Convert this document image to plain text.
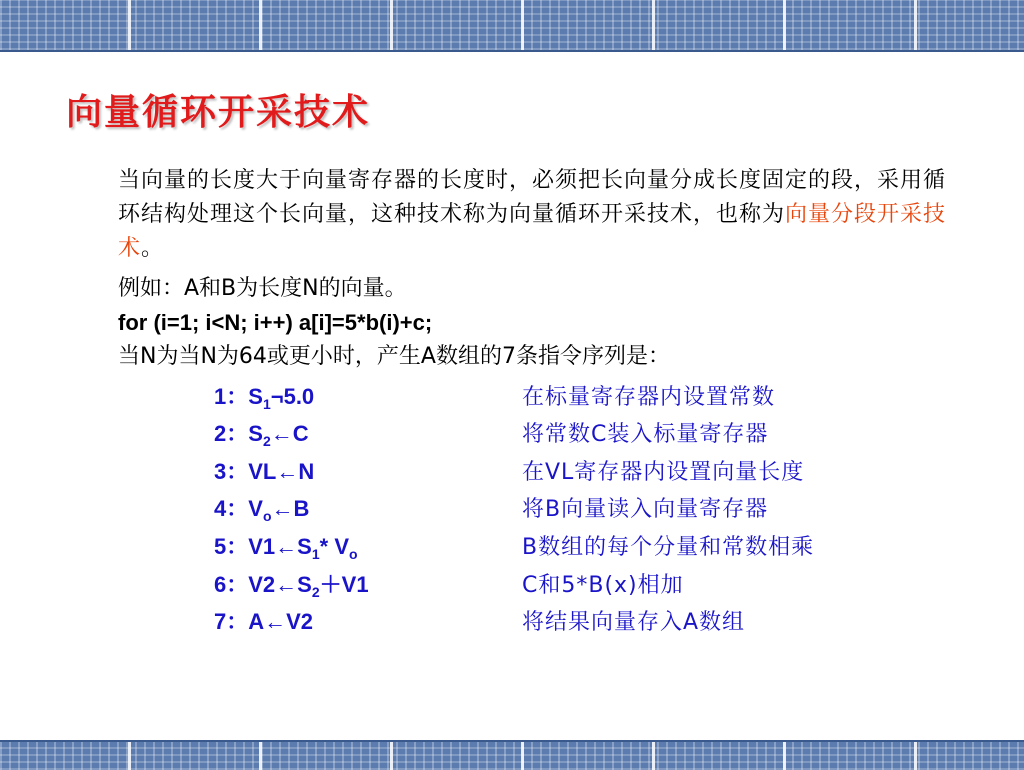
向量循环开采技术
当向量的长度大于向量寄存器的长度时，必须把长向量分成长度固定的段，采用循环结构处理这个长向量，这种技术称为向量循环开采技术，也称为向量分段开采技术。
例如：A和B为长度N的向量。
for (i=1; i<N; i++) a[i]=5*b(i)+c;
当N为当N为64或更小时，产生A数组的7条指令序列是：
1：$S_1\neg 5.0$	在标量寄存器内设置常数
2：$S_2\leftarrow C$	将常数C装入标量寄存器
3：VL←N	在VL寄存器内设置向量长度
4：$V_o\leftarrow B$	将B向量读入向量寄存器
5：$V1\leftarrow S_1*$ $V_o$	B数组的每个分量和常数相乘
6：$V2\leftarrow S_2+V1$	C和5*B(x)相加
7：A←V2	将结果向量存入A数组
